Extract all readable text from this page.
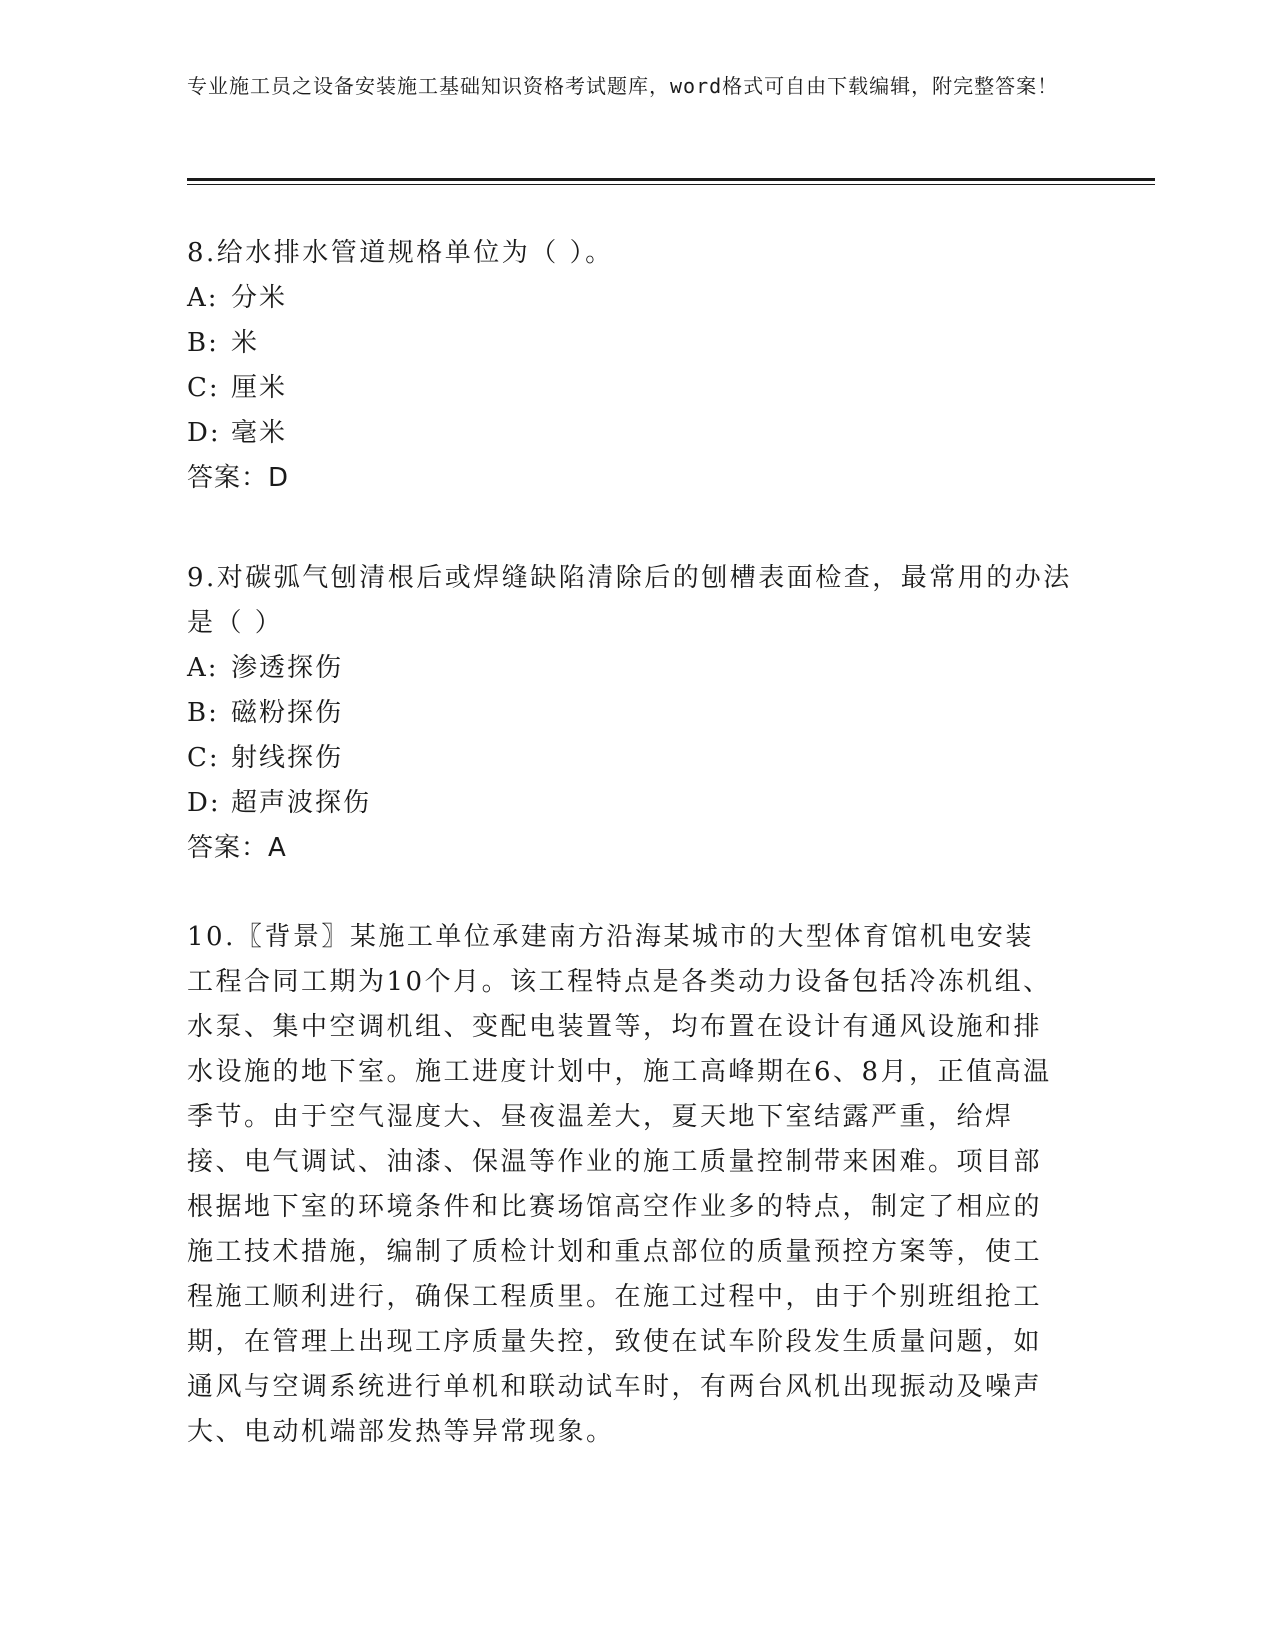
专业施工员之设备安装施工基础知识资格考试题库，word格式可自由下载编辑，附完整答案！

8.给水排水管道规格单位为（ ）。

A: 分米

B: 米

C: 厘米

D: 毫米

答案：D

9.对碳弧气刨清根后或焊缝缺陷清除后的刨槽表面检查，最常用的办法是（ ）

A: 渗透探伤

B: 磁粉探伤

C: 射线探伤

D: 超声波探伤

答案：A

10.〖背景〗某施工单位承建南方沿海某城市的大型体育馆机电安装工程合同工期为10个月。该工程特点是各类动力设备包括冷冻机组、水泵、集中空调机组、变配电装置等，均布置在设计有通风设施和排水设施的地下室。施工进度计划中，施工高峰期在6、8月，正值高温季节。由于空气湿度大、昼夜温差大，夏天地下室结露严重，给焊接、电气调试、油漆、保温等作业的施工质量控制带来困难。项目部根据地下室的环境条件和比赛场馆高空作业多的特点，制定了相应的施工技术措施，编制了质检计划和重点部位的质量预控方案等，使工程施工顺利进行，确保工程质里。在施工过程中，由于个别班组抢工期，在管理上出现工序质量失控，致使在试车阶段发生质量问题，如通风与空调系统进行单机和联动试车时，有两台风机出现振动及噪声大、电动机端部发热等异常现象。
